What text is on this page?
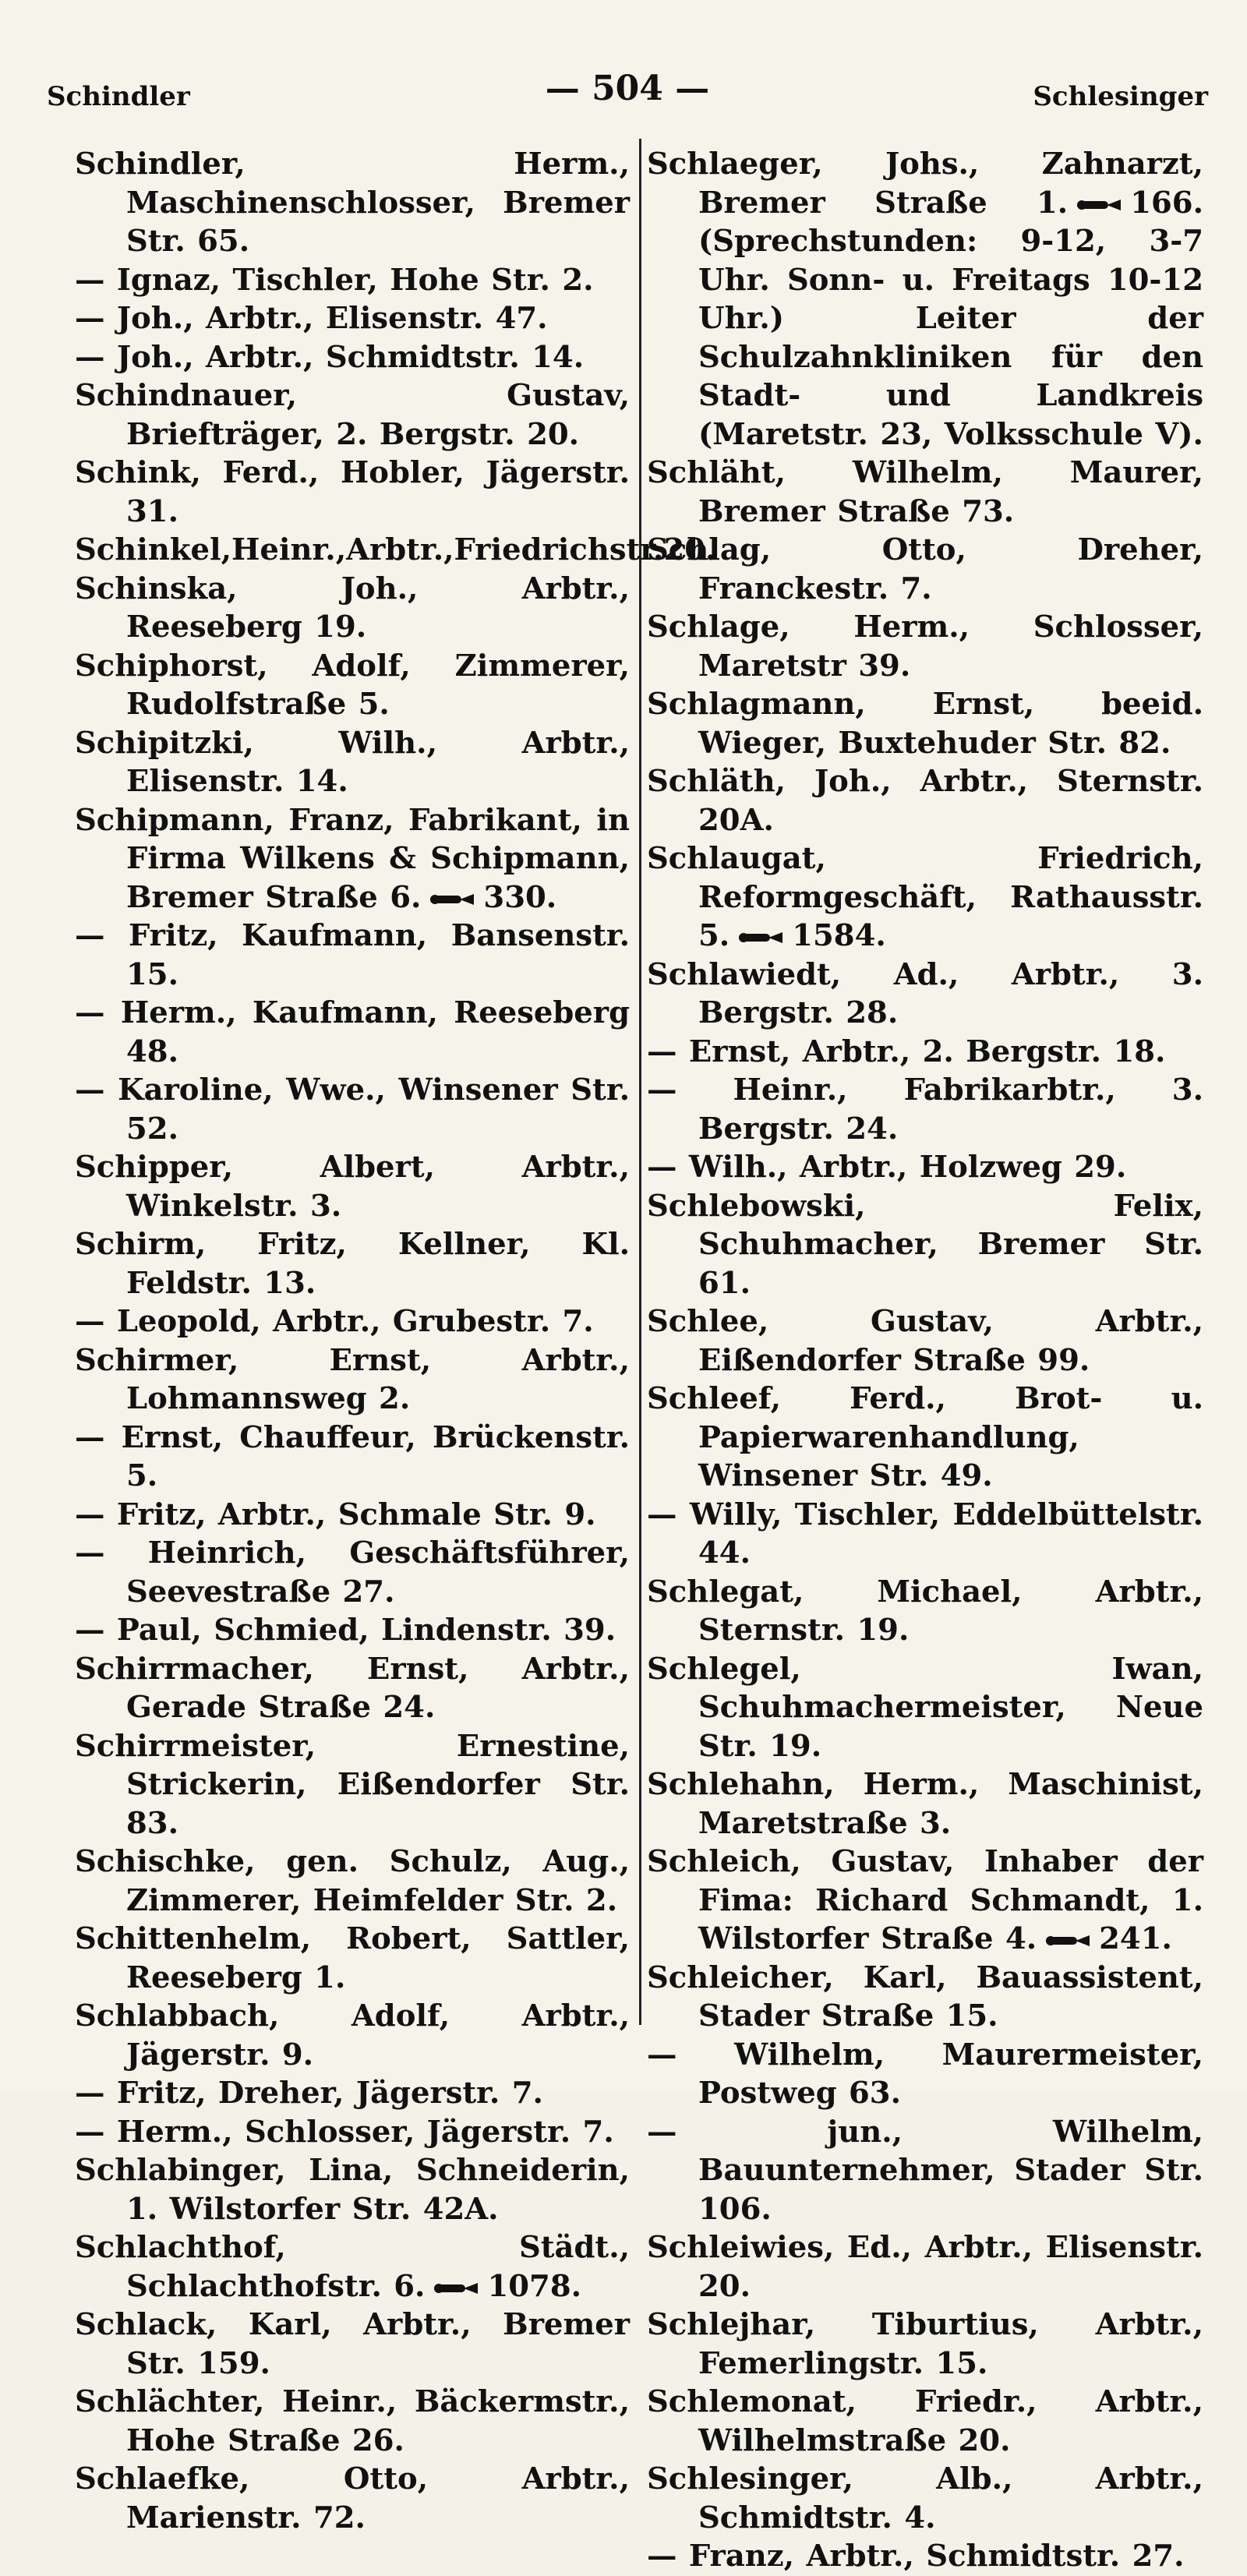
Schindler	— 504 —	Schlesinger
Schindler, Herm., Maschinenschlosser, Bremer Str. 65.
— Ignaz, Tischler, Hohe Str. 2.
— Joh., Arbtr., Elisenstr. 47.
— Joh., Arbtr., Schmidtstr. 14.
Schindnauer, Gustav, Briefträger, 2. Bergstr. 20.
Schink, Ferd., Hobler, Jägerstr. 31.
Schinkel,Heinr.,Arbtr.,Friedrichstr.20.
Schinska, Joh., Arbtr., Reeseberg 19.
Schiphorst, Adolf, Zimmerer, Rudolfstraße 5.
Schipitzki, Wilh., Arbtr., Elisenstr. 14.
Schipmann, Franz, Fabrikant, in Firma Wilkens & Schipmann, Bremer Straße 6. 330.
— Fritz, Kaufmann, Bansenstr. 15.
— Herm., Kaufmann, Reeseberg 48.
— Karoline, Wwe., Winsener Str. 52.
Schipper, Albert, Arbtr., Winkelstr. 3.
Schirm, Fritz, Kellner, Kl. Feldstr. 13.
— Leopold, Arbtr., Grubestr. 7.
Schirmer, Ernst, Arbtr., Lohmannsweg 2.
— Ernst, Chauffeur, Brückenstr. 5.
— Fritz, Arbtr., Schmale Str. 9.
— Heinrich, Geschäftsführer, Seevestraße 27.
— Paul, Schmied, Lindenstr. 39.
Schirrmacher, Ernst, Arbtr., Gerade Straße 24.
Schirrmeister, Ernestine, Strickerin, Eißendorfer Str. 83.
Schischke, gen. Schulz, Aug., Zimmerer, Heimfelder Str. 2.
Schittenhelm, Robert, Sattler, Reeseberg 1.
Schlabbach, Adolf, Arbtr., Jägerstr. 9.
— Fritz, Dreher, Jägerstr. 7.
— Herm., Schlosser, Jägerstr. 7.
Schlabinger, Lina, Schneiderin, 1. Wilstorfer Str. 42A.
Schlachthof, Städt., Schlachthofstr. 6. 1078.
Schlack, Karl, Arbtr., Bremer Str. 159.
Schlächter, Heinr., Bäckermstr., Hohe Straße 26.
Schlaefke, Otto, Arbtr., Marienstr. 72.
Schlaeger, Johs., Zahnarzt, Bremer Straße 1. 166. (Sprechstunden: 9-12, 3-7 Uhr. Sonn- u. Freitags 10-12 Uhr.) Leiter der Schulzahnkliniken für den Stadt- und Landkreis (Maretstr. 23, Volksschule V).
Schläht, Wilhelm, Maurer, Bremer Straße 73.
Schlag, Otto, Dreher, Franckestr. 7.
Schlage, Herm., Schlosser, Maretstr 39.
Schlagmann, Ernst, beeid. Wieger, Buxtehuder Str. 82.
Schläth, Joh., Arbtr., Sternstr. 20A.
Schlaugat, Friedrich, Reformgeschäft, Rathausstr. 5. 1584.
Schlawiedt, Ad., Arbtr., 3. Bergstr. 28.
— Ernst, Arbtr., 2. Bergstr. 18.
— Heinr., Fabrikarbtr., 3. Bergstr. 24.
— Wilh., Arbtr., Holzweg 29.
Schlebowski, Felix, Schuhmacher, Bremer Str. 61.
Schlee, Gustav, Arbtr., Eißendorfer Straße 99.
Schleef, Ferd., Brot- u. Papierwarenhandlung, Winsener Str. 49.
— Willy, Tischler, Eddelbüttelstr. 44.
Schlegat, Michael, Arbtr., Sternstr. 19.
Schlegel, Iwan, Schuhmachermeister, Neue Str. 19.
Schlehahn, Herm., Maschinist, Maretstraße 3.
Schleich, Gustav, Inhaber der Fima: Richard Schmandt, 1. Wilstorfer Straße 4. 241.
Schleicher, Karl, Bauassistent, Stader Straße 15.
— Wilhelm, Maurermeister, Postweg 63.
— jun., Wilhelm, Bauunternehmer, Stader Str. 106.
Schleiwies, Ed., Arbtr., Elisenstr. 20.
Schlejhar, Tiburtius, Arbtr., Femerlingstr. 15.
Schlemonat, Friedr., Arbtr., Wilhelmstraße 20.
Schlesinger, Alb., Arbtr., Schmidtstr. 4.
— Franz, Arbtr., Schmidtstr. 27.
